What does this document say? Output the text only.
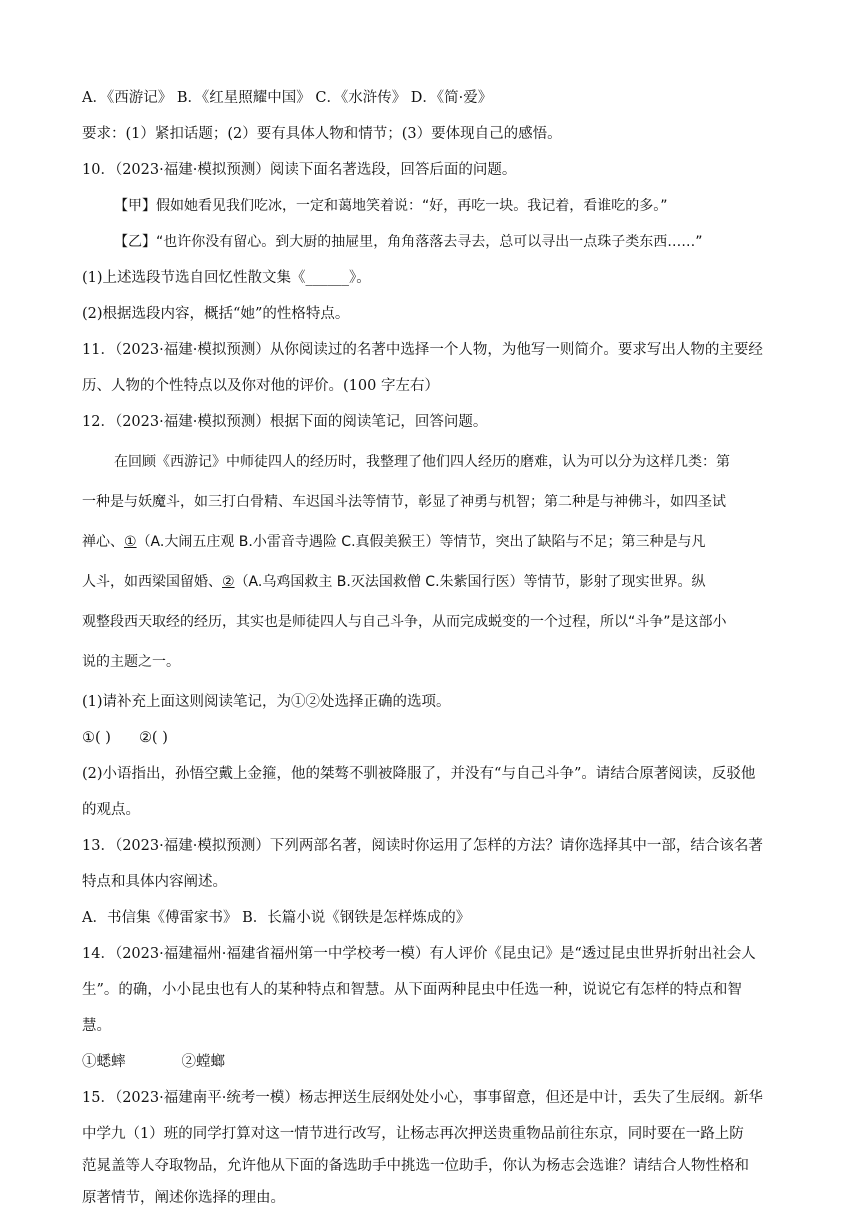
A．《西游记》 B．《红星照耀中国》 C．《水浒传》 D．《简·爱》
要求：(1）紧扣话题；(2）要有具体人物和情节；(3）要体现自己的感悟。
10．（2023·福建·模拟预测）阅读下面名著选段，回答后面的问题。
【甲】假如她看见我们吃冰，一定和蔼地笑着说：“好，再吃一块。我记着，看谁吃的多。”
【乙】“也许你没有留心。到大厨的抽屉里，角角落落去寻去，总可以寻出一点珠子类东西……”
(1)上述选段节选自回忆性散文集《______》。
(2)根据选段内容，概括“她”的性格特点。
11．（2023·福建·模拟预测）从你阅读过的名著中选择一个人物，为他写一则简介。要求写出人物的主要经
历、人物的个性特点以及你对他的评价。(100 字左右）
12．（2023·福建·模拟预测）根据下面的阅读笔记，回答问题。
在回顾《西游记》中师徒四人的经历时，我整理了他们四人经历的磨难，认为可以分为这样几类：第
一种是与妖魔斗，如三打白骨精、车迟国斗法等情节，彰显了神勇与机智；第二种是与神佛斗，如四圣试
禅心、①（A.大闹五庄观 B.小雷音寺遇险 C.真假美猴王）等情节，突出了缺陷与不足；第三种是与凡
人斗，如西梁国留婚、②（A.乌鸡国救主 B.灭法国救僧 C.朱紫国行医）等情节，影射了现实世界。纵
观整段西天取经的经历，其实也是师徒四人与自己斗争，从而完成蜕变的一个过程，所以“斗争”是这部小
说的主题之一。
(1)请补充上面这则阅读笔记，为①②处选择正确的选项。
①( ) ②( )
(2)小语指出，孙悟空戴上金箍，他的桀骜不驯被降服了，并没有“与自己斗争”。请结合原著阅读，反驳他
的观点。
13．（2023·福建·模拟预测）下列两部名著，阅读时你运用了怎样的方法？请你选择其中一部，结合该名著
特点和具体内容阐述。
A．书信集《傅雷家书》 B．长篇小说《钢铁是怎样炼成的》
14．（2023·福建福州·福建省福州第一中学校考一模）有人评价《昆虫记》是“透过昆虫世界折射出社会人
生”。的确，小小昆虫也有人的某种特点和智慧。从下面两种昆虫中任选一种，说说它有怎样的特点和智
慧。
①蟋蟀	②螳螂
15．（2023·福建南平·统考一模）杨志押送生辰纲处处小心，事事留意，但还是中计，丢失了生辰纲。新华
中学九（1）班的同学打算对这一情节进行改写，让杨志再次押送贵重物品前往东京，同时要在一路上防
范晁盖等人夺取物品，允许他从下面的备选助手中挑选一位助手，你认为杨志会选谁？请结合人物性格和
原著情节，阐述你选择的理由。
